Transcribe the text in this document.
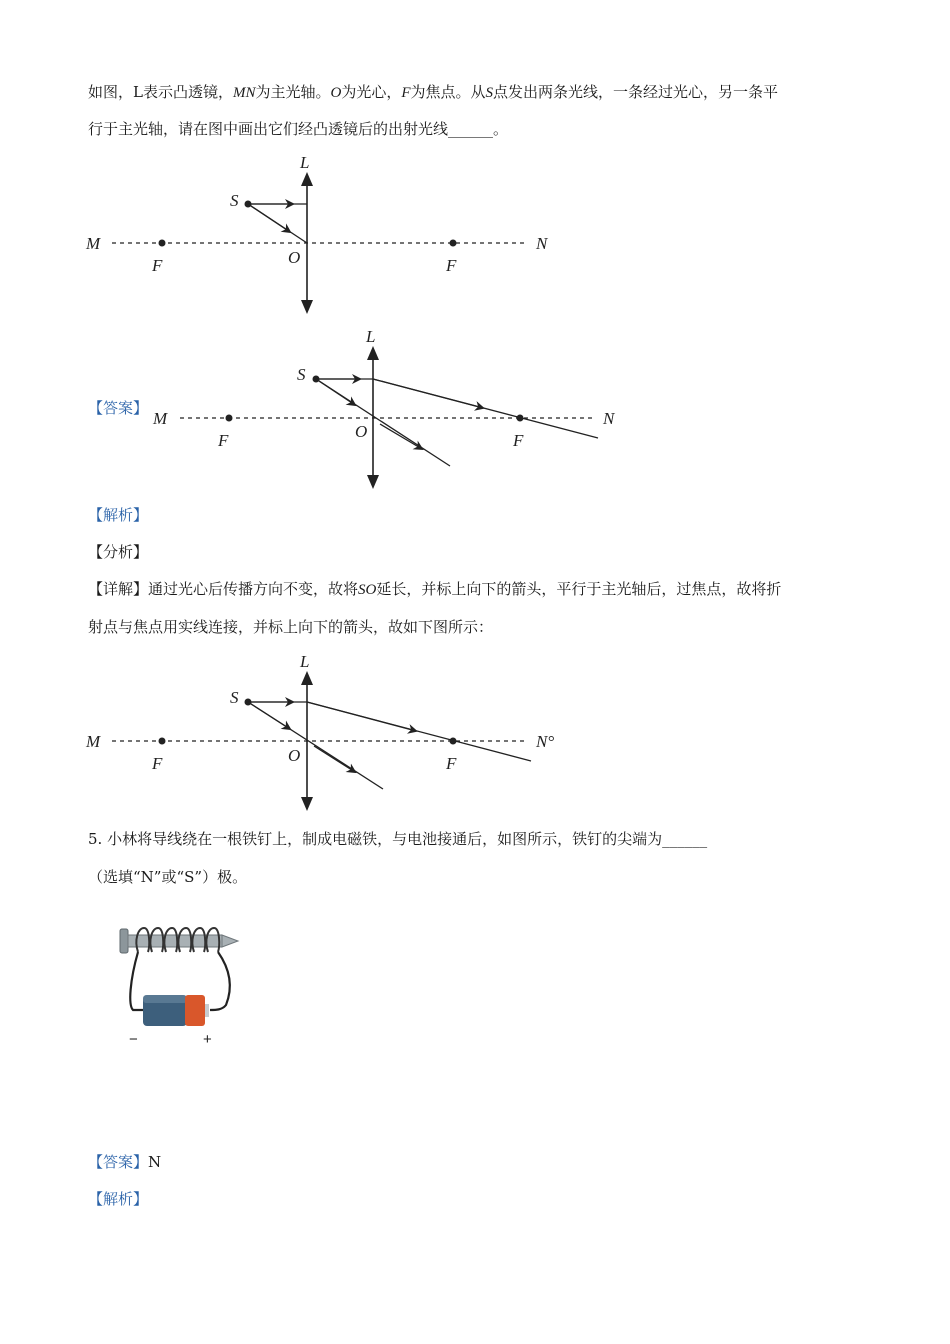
如图，L表示凸透镜，MN为主光轴。O为光心，F为焦点。从S点发出两条光线，一条经过光心，另一条平
行于主光轴，请在图中画出它们经凸透镜后的出射光线______。
【答案】
【解析】
【分析】
【详解】通过光心后传播方向不变，故将SO延长，并标上向下的箭头，平行于主光轴后，过焦点，故将折
射点与焦点用实线连接，并标上向下的箭头，故如下图所示：
5. 小林将导线绕在一根铁钉上，制成电磁铁，与电池接通后，如图所示，铁钉的尖端为______
（选填“N”或“S”）极。
【答案】N
【解析】
L
M	N
S
O
F	F
L
M	N
S
O
F	F
L
M	N°
S
O
F	F
−	+
